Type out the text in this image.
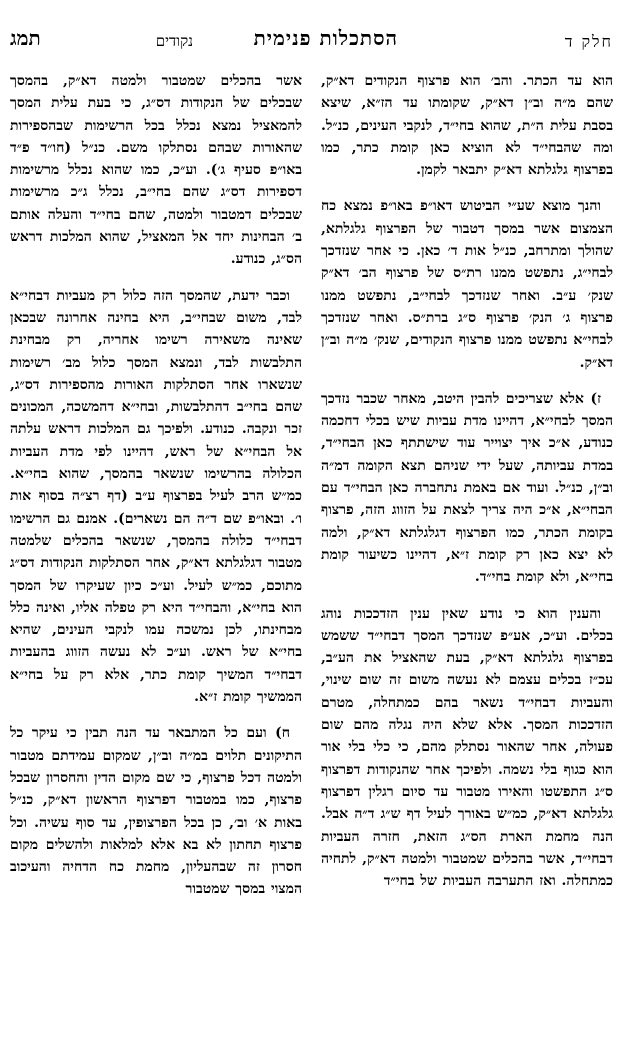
חלק ד
הסתכלות פנימית
נקודים
תמג

הוא עד הכתר. והב׳ הוא פרצוף הנקודים דא״ק, שהם מ״ה וב״ן דא״ק, שקומתו עד הז״א, שיצא בסבת עלית ה״ת, שהוא בחי״ד, לנקבי העינים, כנ״ל. ומה שהבחי״ד לא הוציא כאן קומת כתר, כמו בפרצוף גלגלתא דא״ק יתבאר לקמן.

והנך מוצא שע״י הביטוש דאו״פ באו״פ נמצא כח הצמצום אשר במסך דטבור של הפרצוף גלגלתא, שהולך ומתרחב, כנ״ל אות ד׳ כאן. כי אחר שנזדכך לבחי״ג, נתפשט ממנו רת״ס של פרצוף הב׳ דא״ק שנק׳ ע״ב. ואחר שנזדכך לבחי״ב, נתפשט ממנו פרצוף ג׳ הנק׳ פרצוף ס״ג ברת״ס. ואחר שנזדכך לבחי״א נתפשט ממנו פרצוף הנקודים, שנק׳ מ״ה וב״ן דא״ק.

ז) אלא שצריכים להבין היטב, מאחר שכבר נזדכך המסך לבחי״א, דהיינו מדת עביות שיש בכלי דחכמה כנודע, א״כ איך יצוייר עוד שישתתף כאן הבחי״ד, במדת עביותה, שעל ידי שניהם תצא הקומה דמ״ה וב״ן, כנ״ל. ועוד אם באמת נתחברה כאן הבחי״ד עם הבחי״א, א״כ היה צריך לצאת על הזווג הזה, פרצוף בקומת הכתר, כמו הפרצוף דגלגלתא דא״ק, ולמה לא יצא כאן רק קומת ז״א, דהיינו כשיעור קומת בחי״א, ולא קומת בחי״ד.

והענין הוא כי נודע שאין ענין הזדככות נוהג בכלים. וע״כ, אע״פ שנזדכך המסך דבחי״ד ששמש בפרצוף גלגלתא דא״ק, בעת שהאציל את הע״ב, עכ״ז בכלים עצמם לא נעשה משום זה שום שינוי, והעביות דבחי״ד נשאר בהם כמתחלה, מטרם הזדככות המסך. אלא שלא היה נגלה מהם שום פעולה, אחר שהאור נסתלק מהם, כי כלי בלי אור הוא כגוף בלי נשמה. ולפיכך אחר שהנקודות דפרצוף ס״ג התפשטו והאירו מטבור עד סיום רגלין דפרצוף גלגלתא דא״ק, כמ״ש באורך לעיל דף ש״ג ד״ה אבל. הנה מחמת הארת הס״ג הזאת, חזרה העביות דבחי״ד, אשר בהכלים שמטבור ולמטה דא״ק, לתחיה כמתחלה. ואז התערבה העביות של בחי״ד

אשר בהכלים שמטבור ולמטה דא״ק, בהמסך שבכלים של הנקודות דס״ג, כי בעת עלית המסך להמאציל נמצא נכלל בכל הרשימות שבהספירות שהאורות שבהם נסתלקו משם. כנ״ל (חו״ד פ״ד באו״פ סעיף ג׳). וע״כ, כמו שהוא נכלל מרשימות דספירות דס״ג שהם בחי״ב, נכלל ג״כ מרשימות שבכלים דמטבור ולמטה, שהם בחי״ד והעלה אותם ב׳ הבחינות יחד אל המאציל, שהוא המלכות דראש הס״ג, כנודע.

וכבר ידעת, שהמסך הזה כלול רק מעביות דבחי״א לבד, משום שבחי״ב, היא בחינה אחרונה שבכאן שאינה משאירה רשימו אחריה, רק מבחינת התלבשות לבד, ונמצא המסך כלול מב׳ רשימות שנשארו אחר הסתלקות האורות מהספירות דס״ג, שהם בחי״ב דהתלבשות, ובחי״א דהמשכה, המכונים זכר ונקבה. כנודע. ולפיכך גם המלכות דראש עלתה אל הבחי״א של ראש, דהיינו לפי מדת העביות הכלולה בהרשימו שנשאר בהמסך, שהוא בחי״א. כמ״ש הרב לעיל בפרצוף ע״ב (דף רצ״ה בסוף אות ו׳. ובאו״פ שם ד״ה הם נשארים). אמנם גם הרשימו דבחי״ד כלולה בהמסך, שנשאר בהכלים שלמטה מטבור דגלגלתא דא״ק, אחר הסתלקות הנקודות דס״ג מתוכם, כמ״ש לעיל. וע״כ כיון שעיקרו של המסך הוא בחי״א, והבחי״ד היא רק טפלה אליו, ואינה כלל מבחינתו, לכן נמשכה עמו לנקבי העינים, שהיא בחי״א של ראש. וע״כ לא נעשה הזווג בהעביות דבחי״ד המשיך קומת כתר, אלא רק על בחי״א הממשיך קומת ז״א.

ח) ועם כל המתבאר עד הנה תבין כי עיקר כל התיקונים תלוים במ״ה וב״ן, שמקום עמידתם מטבור ולמטה דכל פרצוף, כי שם מקום הדין והחסרון שבכל פרצוף, כמו במטבור דפרצוף הראשון דא״ק, כנ״ל באות א׳ וב׳, כן בכל הפרצופין, עד סוף עשיה. וכל פרצוף תחתון לא בא אלא למלאות ולהשלים מקום חסרון זה שבהעליון, מחמת כח הדחיה והעיכוב המצוי במסך שמטבור
